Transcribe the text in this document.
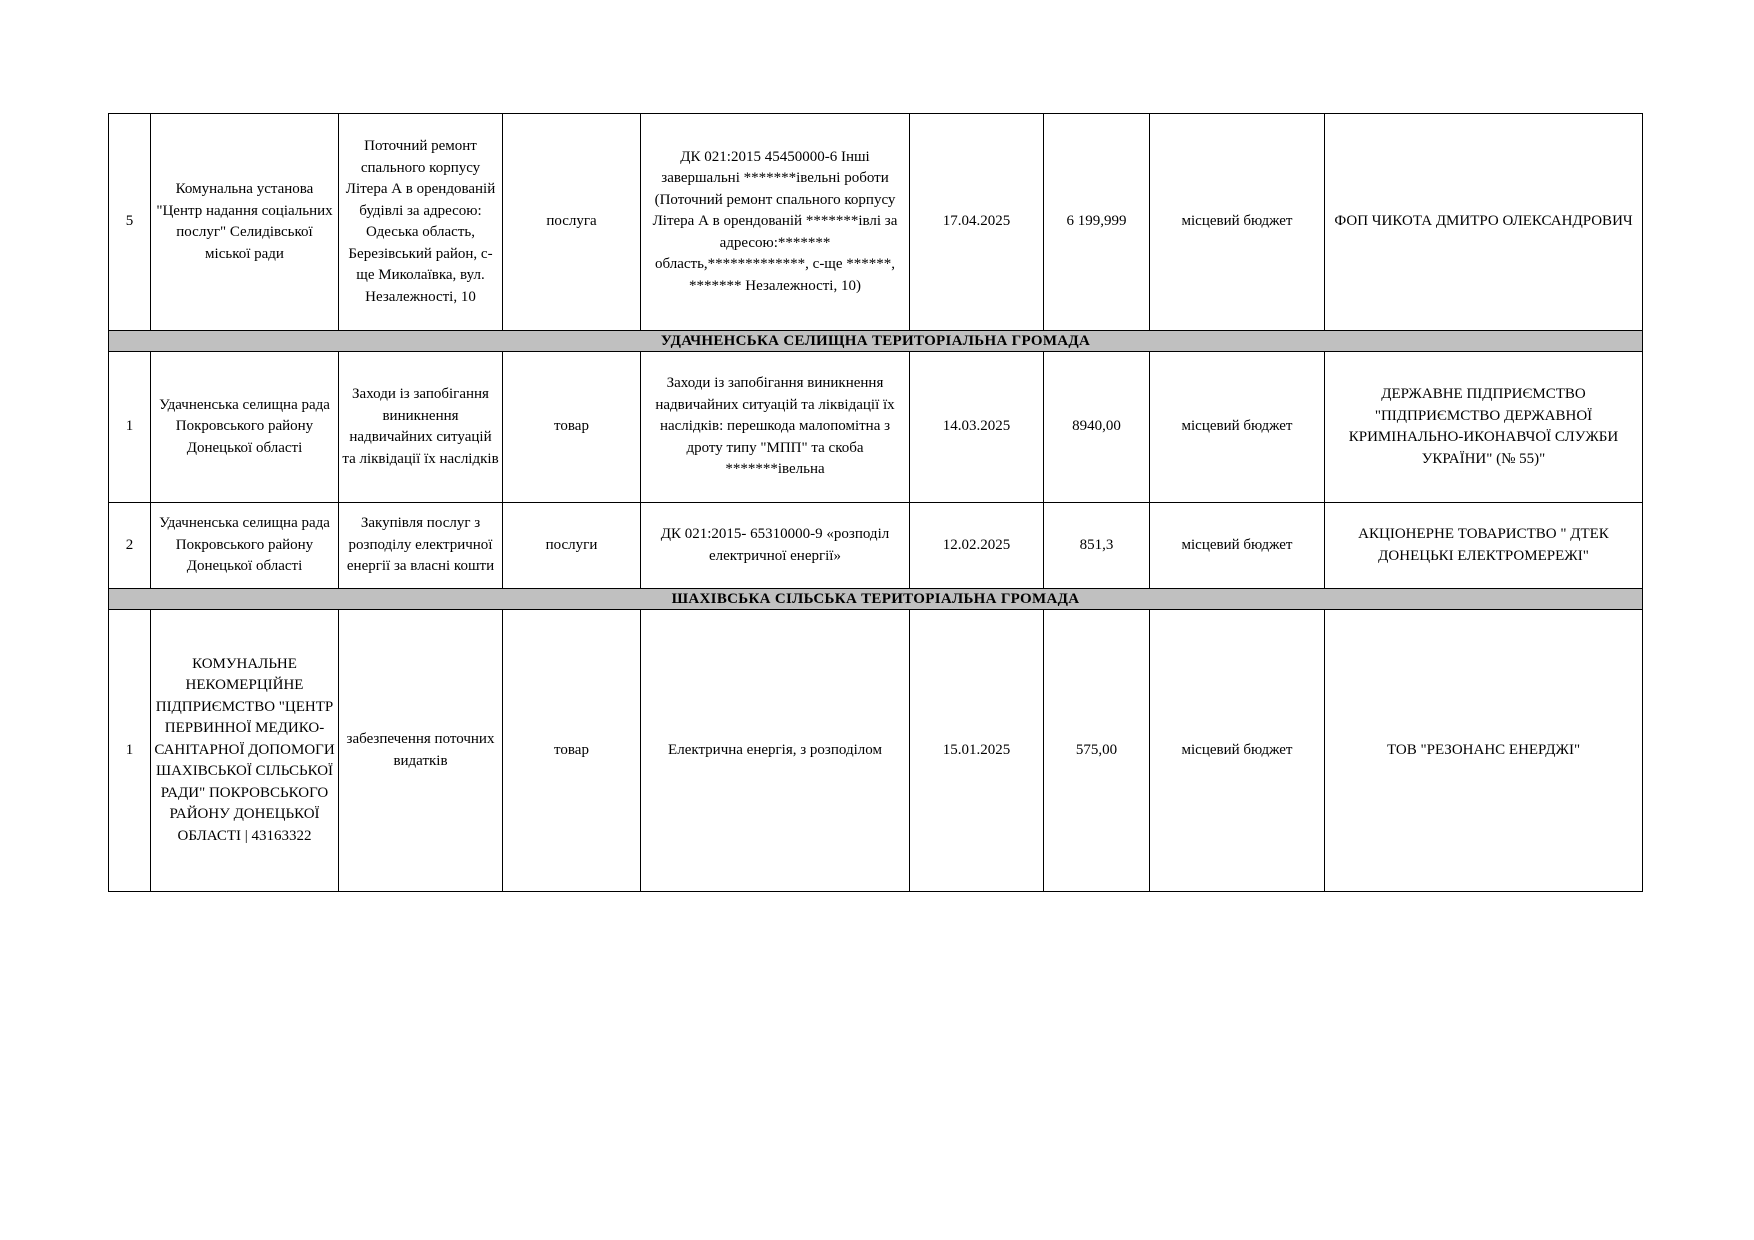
5	Комунальна установа "Центр надання соціальних послуг" Селидівської міської ради	Поточний ремонт спального корпусу Літера А в орендованій будівлі за адресою: Одеська область, Березівський район, с-ще Миколаївка, вул. Незалежності, 10	послуга	ДК 021:2015 45450000-6 Інші завершальні *******івельні роботи (Поточний ремонт спального корпусу Літера А в орендованій *******івлі за адресою:******* область,*************, с-ще ******, ******* Незалежності, 10)	17.04.2025	6 199,999	місцевий бюджет	ФОП ЧИКОТА ДМИТРО ОЛЕКСАНДРОВИЧ
УДАЧНЕНСЬКА СЕЛИЩНА ТЕРИТОРІАЛЬНА ГРОМАДА								
1	Удачненська селищна рада Покровського району Донецької області	Заходи із запобігання виникнення надвичайних ситуацій та ліквідації їх наслідків	товар	Заходи із запобігання виникнення надвичайних ситуацій та ліквідації їх наслідків: перешкода малопомітна з дроту типу "МПП" та скоба *******івельна	14.03.2025	8940,00	місцевий бюджет	ДЕРЖАВНЕ ПІДПРИЄМСТВО "ПІДПРИЄМСТВО ДЕРЖАВНОЇ КРИМІНАЛЬНО-ИКОНАВЧОЇ СЛУЖБИ УКРАЇНИ" (№ 55)"
2	Удачненська селищна рада Покровського району Донецької області	Закупівля послуг з розподілу електричної енергії за власні кошти	послуги	ДК 021:2015- 65310000-9 «розподіл електричної енергії»	12.02.2025	851,3	місцевий бюджет	АКЦІОНЕРНЕ ТОВАРИСТВО " ДТЕК ДОНЕЦЬКІ ЕЛЕКТРОМЕРЕЖІ"
ШАХІВСЬКА СІЛЬСЬКА ТЕРИТОРІАЛЬНА ГРОМАДА								
1	КОМУНАЛЬНЕ НЕКОМЕРЦІЙНЕ ПІДПРИЄМСТВО "ЦЕНТР ПЕРВИННОЇ МЕДИКО-САНІТАРНОЇ ДОПОМОГИ ШАХІВСЬКОЇ СІЛЬСЬКОЇ РАДИ" ПОКРОВСЬКОГО РАЙОНУ ДОНЕЦЬКОЇ ОБЛАСТІ | 43163322	забезпечення поточних видатків	товар	Електрична енергія, з розподілом	15.01.2025	575,00	місцевий бюджет	ТОВ "РЕЗОНАНС ЕНЕРДЖІ"
